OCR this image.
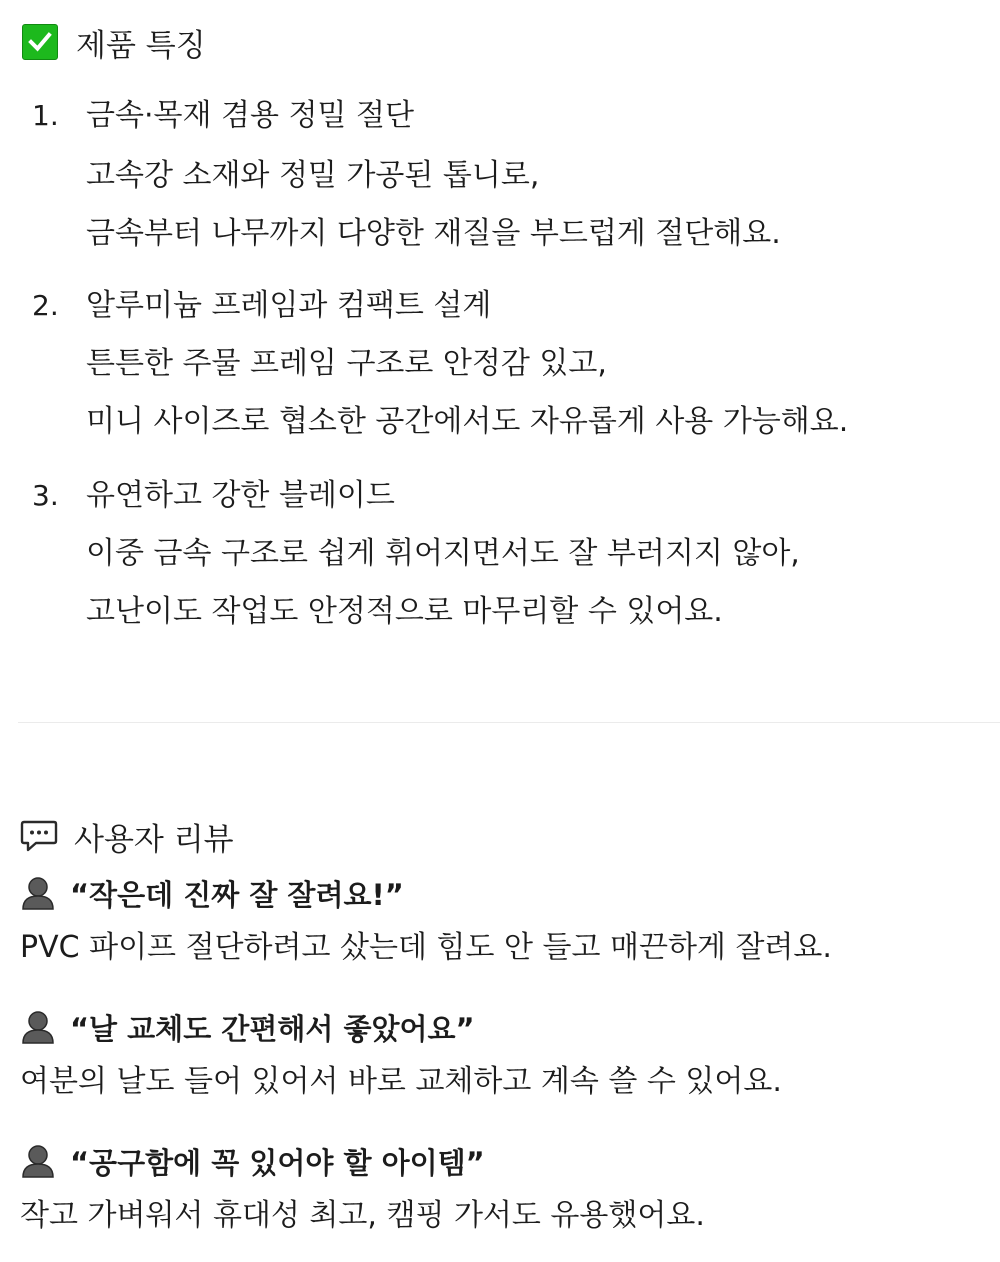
제품 특징
1. 금속·목재 겸용 정밀 절단
고속강 소재와 정밀 가공된 톱니로,
금속부터 나무까지 다양한 재질을 부드럽게 절단해요.
2. 알루미늄 프레임과 컴팩트 설계
튼튼한 주물 프레임 구조로 안정감 있고,
미니 사이즈로 협소한 공간에서도 자유롭게 사용 가능해요.
3. 유연하고 강한 블레이드
이중 금속 구조로 쉽게 휘어지면서도 잘 부러지지 않아,
고난이도 작업도 안정적으로 마무리할 수 있어요.
사용자 리뷰
“작은데 진짜 잘 잘려요!”
PVC 파이프 절단하려고 샀는데 힘도 안 들고 매끈하게 잘려요.
“날 교체도 간편해서 좋았어요”
여분의 날도 들어 있어서 바로 교체하고 계속 쓸 수 있어요.
“공구함에 꼭 있어야 할 아이템”
작고 가벼워서 휴대성 최고, 캠핑 가서도 유용했어요.
